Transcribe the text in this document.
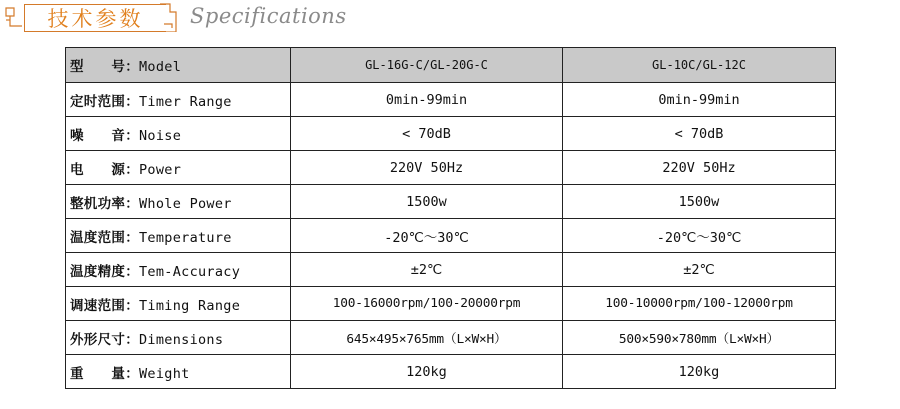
技术参数	Specifications
型　　号：Model	GL-16G-C/GL-20G-C	GL-10C/GL-12C
定时范围：Timer Range	0min-99min	0min-99min
噪　　音：Noise	< 70dB	< 70dB
电　　源：Power	220V 50Hz	220V 50Hz
整机功率：Whole Power	1500w	1500w
温度范围：Temperature	-20℃～30℃	-20℃～30℃
温度精度：Tem-Accuracy	±2℃	±2℃
调速范围：Timing Range	100-16000rpm/100-20000rpm	100-10000rpm/100-12000rpm
外形尺寸：Dimensions	645×495×765mm（L×W×H）	500×590×780mm（L×W×H）
重　　量：Weight	120kg	120kg
